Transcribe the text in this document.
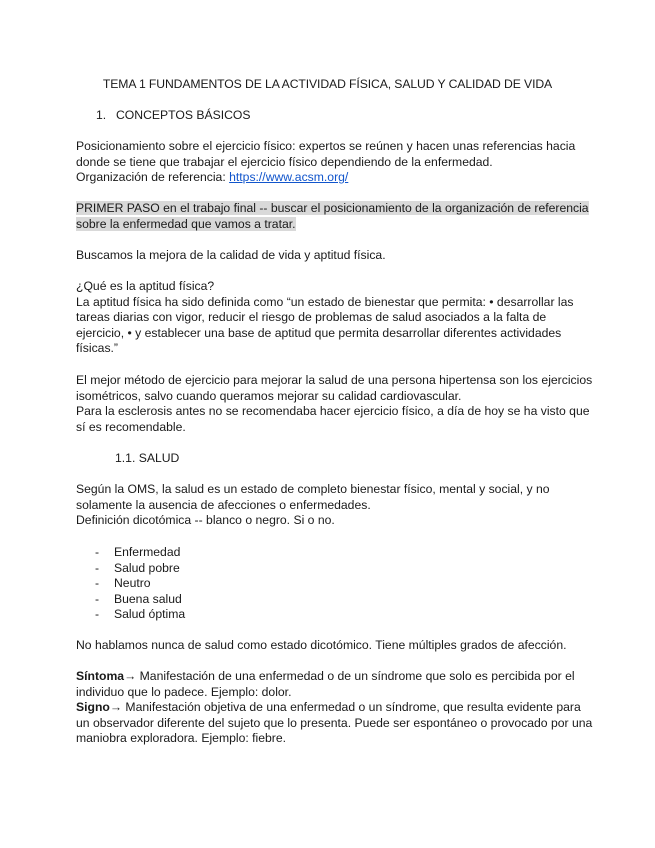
TEMA 1 FUNDAMENTOS DE LA ACTIVIDAD FÍSICA, SALUD Y CALIDAD DE VIDA
1. CONCEPTOS BÁSICOS
Posicionamiento sobre el ejercicio físico: expertos se reúnen y hacen unas referencias hacia
donde se tiene que trabajar el ejercicio físico dependiendo de la enfermedad.
Organización de referencia: https://www.acsm.org/
PRIMER PASO en el trabajo final -- buscar el posicionamiento de la organización de referencia
sobre la enfermedad que vamos a tratar.
Buscamos la mejora de la calidad de vida y aptitud física.
¿Qué es la aptitud física?
La aptitud física ha sido definida como “un estado de bienestar que permita: • desarrollar las
tareas diarias con vigor, reducir el riesgo de problemas de salud asociados a la falta de
ejercicio, • y establecer una base de aptitud que permita desarrollar diferentes actividades
físicas.”
El mejor método de ejercicio para mejorar la salud de una persona hipertensa son los ejercicios
isométricos, salvo cuando queramos mejorar su calidad cardiovascular.
Para la esclerosis antes no se recomendaba hacer ejercicio físico, a día de hoy se ha visto que
sí es recomendable.
1.1. SALUD
Según la OMS, la salud es un estado de completo bienestar físico, mental y social, y no
solamente la ausencia de afecciones o enfermedades.
Definición dicotómica -- blanco o negro. Si o no.
- Enfermedad
- Salud pobre
- Neutro
- Buena salud
- Salud óptima
No hablamos nunca de salud como estado dicotómico. Tiene múltiples grados de afección.
Síntoma→ Manifestación de una enfermedad o de un síndrome que solo es percibida por el
individuo que lo padece. Ejemplo: dolor.
Signo→ Manifestación objetiva de una enfermedad o un síndrome, que resulta evidente para
un observador diferente del sujeto que lo presenta. Puede ser espontáneo o provocado por una
maniobra exploradora. Ejemplo: fiebre.
